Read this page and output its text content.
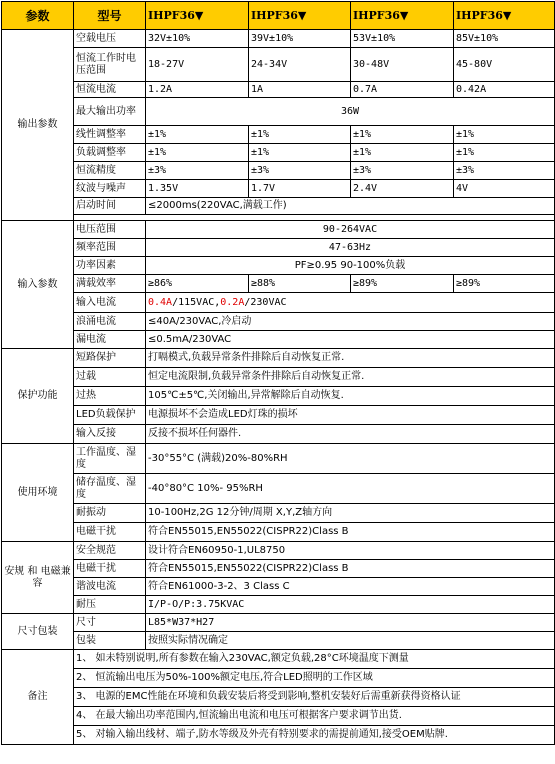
参数	型号	IHPF36▼	IHPF36▼	IHPF36▼	IHPF36▼
输出参数	空载电压	32V±10%	39V±10%	53V±10%	85V±10%
	恒流工作时电压范围	18-27V	24-34V	30-48V	45-80V
	恒流电流	1.2A	1A	0.7A	0.42A
	最大输出功率	36W			
	线性调整率	±1%	±1%	±1%	±1%
	负载调整率	±1%	±1%	±1%	±1%
	恒流精度	±3%	±3%	±3%	±3%
	纹波与噪声	1.35V	1.7V	2.4V	4V
	启动时间	≤2000ms(220VAC,满载工作)			

输入参数	电压范围	90-264VAC			
	频率范围	47-63Hz			
	功率因素	PF≥0.95 90-100%负载			
	满载效率	≥86%	≥88%	≥89%	≥89%
	输入电流	0.4A/115VAC,0.2A/230VAC			
	浪涌电流	≤40A/230VAC,冷启动			
	漏电流	≤0.5mA/230VAC			
保护功能	短路保护	打嗝模式,负载异常条件排除后自动恢复正常.			
	过载	恒定电流限制,负载异常条件排除后自动恢复正常.			
	过热	105℃±5℃,关闭输出,异常解除后自动恢复.			
	LED负载保护	电源损坏不会造成LED灯珠的损坏			
	输入反接	反接不损坏任何器件.			
使用环境	工作温度、湿度	-30°55°C (满载)20%-80%RH			
	储存温度、湿度	-40°80°C 10%- 95%RH			
	耐振动	10-100Hz,2G 12分钟/周期 X,Y,Z轴方向			
	电磁干扰	符合EN55015,EN55022(CISPR22)Class B			
安规 和 电磁兼容	安全规范	设计符合EN60950-1,UL8750			
	电磁干扰	符合EN55015,EN55022(CISPR22)Class B			
	谐波电流	符合EN61000-3-2、3 Class C			
	耐压	I/P-O/P:3.75KVAC			
尺寸包装	尺寸	L85*W37*H27			
	包装	按照实际情况确定			
备注	1、 如未特别说明,所有参数在输入230VAC,额定负载,28°C环境温度下测量				
	2、 恒流输出电压为50%-100%额定电压,符合LED照明的工作区域				
	3、 电源的EMC性能在环境和负载安装后将受到影响,整机安装好后需重新获得资格认证				
	4、 在最大输出功率范围内,恒流输出电流和电压可根据客户要求调节出货.				
	5、 对输入输出线材、端子,防水等级及外壳有特别要求的需提前通知,接受OEM贴牌.				
